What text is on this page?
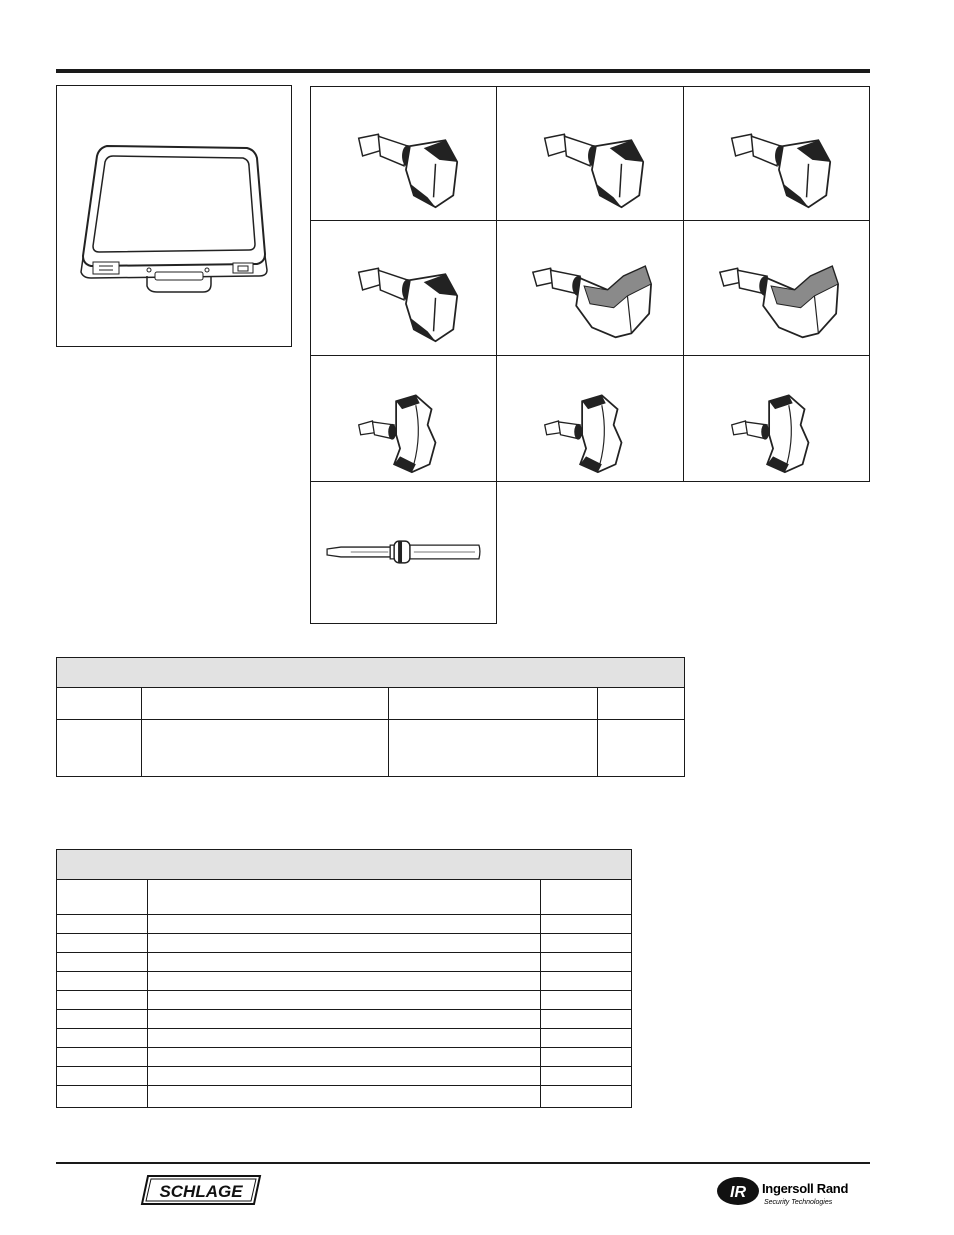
SCHLAGE	IR Ingersoll Rand
Security Technologies
